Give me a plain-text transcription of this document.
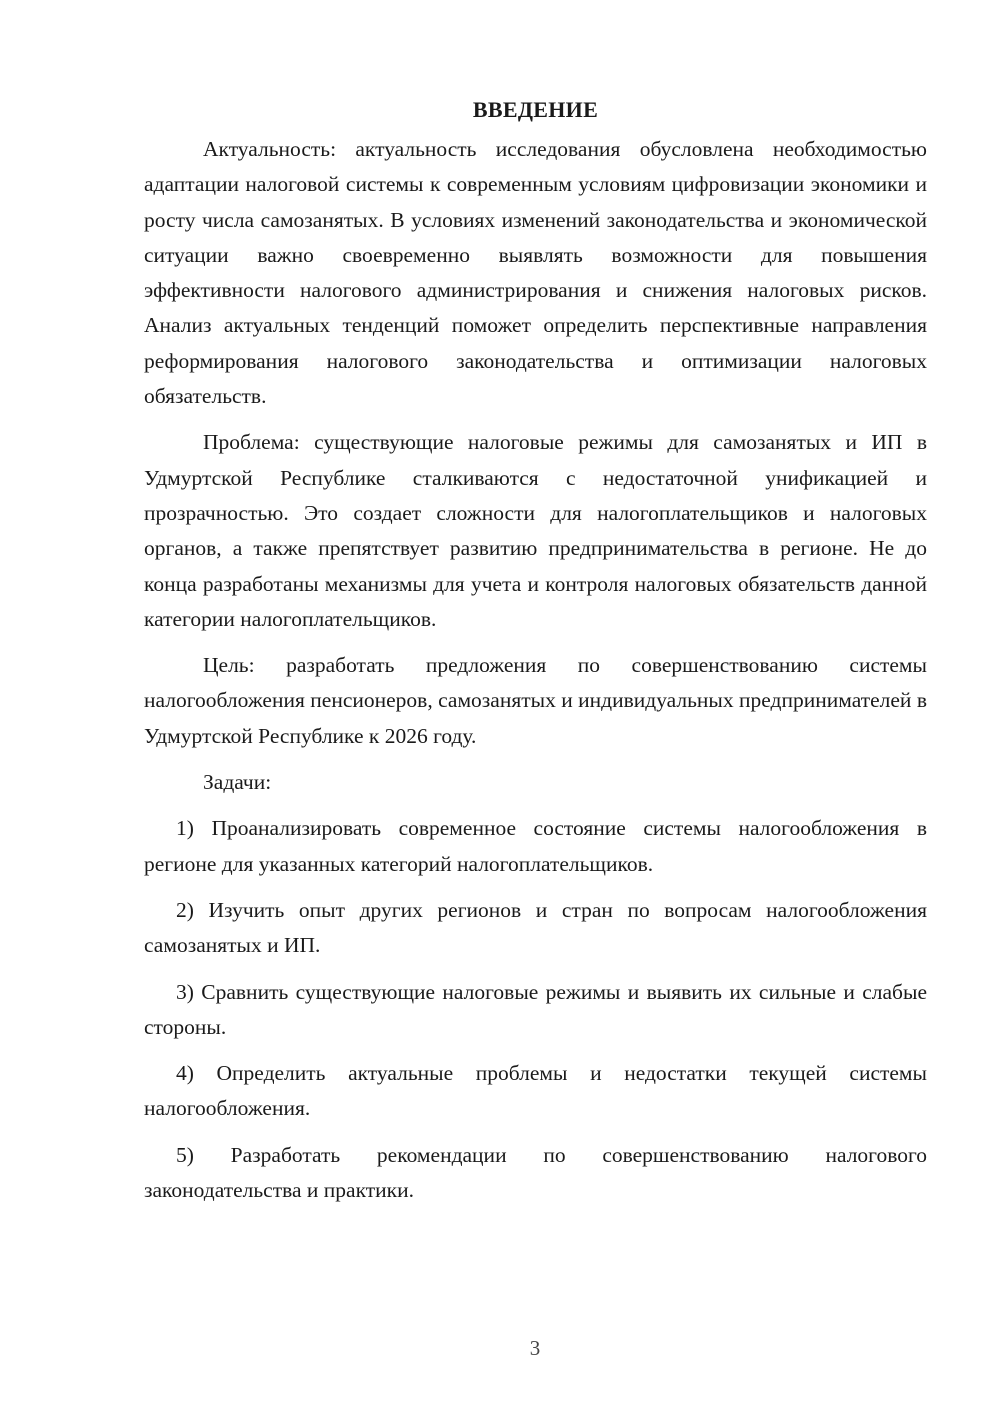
ВВЕДЕНИЕ

Актуальность: актуальность исследования обусловлена необходимостью адаптации налоговой системы к современным условиям цифровизации экономики и росту числа самозанятых. В условиях изменений законодательства и экономической ситуации важно своевременно выявлять возможности для повышения эффективности налогового администрирования и снижения налоговых рисков. Анализ актуальных тенденций поможет определить перспективные направления реформирования налогового законодательства и оптимизации налоговых обязательств.

Проблема: существующие налоговые режимы для самозанятых и ИП в Удмуртской Республике сталкиваются с недостаточной унификацией и прозрачностью. Это создает сложности для налогоплательщиков и налоговых органов, а также препятствует развитию предпринимательства в регионе. Не до конца разработаны механизмы для учета и контроля налоговых обязательств данной категории налогоплательщиков.

Цель: разработать предложения по совершенствованию системы налогообложения пенсионеров, самозанятых и индивидуальных предпринимателей в Удмуртской Республике к 2026 году.

Задачи:

1) Проанализировать современное состояние системы налогообложения в регионе для указанных категорий налогоплательщиков.

2) Изучить опыт других регионов и стран по вопросам налогообложения самозанятых и ИП.

3) Сравнить существующие налоговые режимы и выявить их сильные и слабые стороны.

4) Определить актуальные проблемы и недостатки текущей системы налогообложения.

5) Разработать рекомендации по совершенствованию налогового законодательства и практики.

3
